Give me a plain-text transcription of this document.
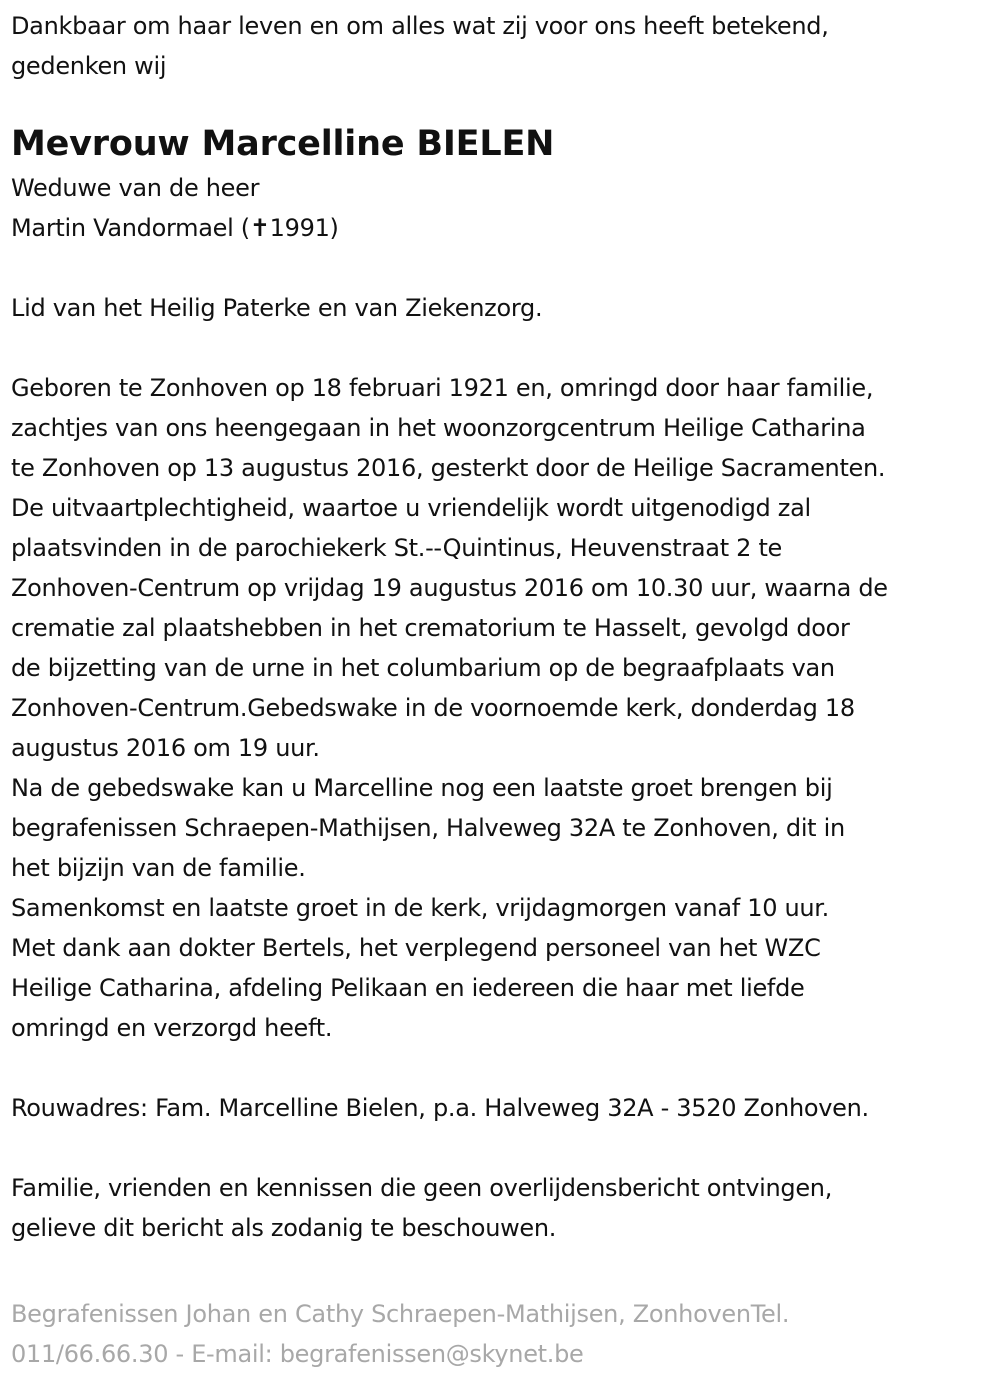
Dankbaar om haar leven en om alles wat zij voor ons heeft betekend,
gedenken wij
Mevrouw Marcelline BIELEN
Weduwe van de heer
Martin Vandormael (✝1991)
Lid van het Heilig Paterke en van Ziekenzorg.
Geboren te Zonhoven op 18 februari 1921 en, omringd door haar familie,
zachtjes van ons heengegaan in het woonzorgcentrum Heilige Catharina
te Zonhoven op 13 augustus 2016, gesterkt door de Heilige Sacramenten.
De uitvaartplechtigheid, waartoe u vriendelijk wordt uitgenodigd zal
plaatsvinden in de parochiekerk St.--Quintinus, Heuvenstraat 2 te
Zonhoven-Centrum op vrijdag 19 augustus 2016 om 10.30 uur, waarna de
crematie zal plaatshebben in het crematorium te Hasselt, gevolgd door
de bijzetting van de urne in het columbarium op de begraafplaats van
Zonhoven-Centrum.Gebedswake in de voornoemde kerk, donderdag 18
augustus 2016 om 19 uur.
Na de gebedswake kan u Marcelline nog een laatste groet brengen bij
begrafenissen Schraepen-Mathijsen, Halveweg 32A te Zonhoven, dit in
het bijzijn van de familie.
Samenkomst en laatste groet in de kerk, vrijdagmorgen vanaf 10 uur.
Met dank aan dokter Bertels, het verplegend personeel van het WZC
Heilige Catharina, afdeling Pelikaan en iedereen die haar met liefde
omringd en verzorgd heeft.
Rouwadres: Fam. Marcelline Bielen, p.a. Halveweg 32A - 3520 Zonhoven.
Familie, vrienden en kennissen die geen overlijdensbericht ontvingen,
gelieve dit bericht als zodanig te beschouwen.
Begrafenissen Johan en Cathy Schraepen-Mathijsen, ZonhovenTel.
011/66.66.30 - E-mail: begrafenissen@skynet.be
